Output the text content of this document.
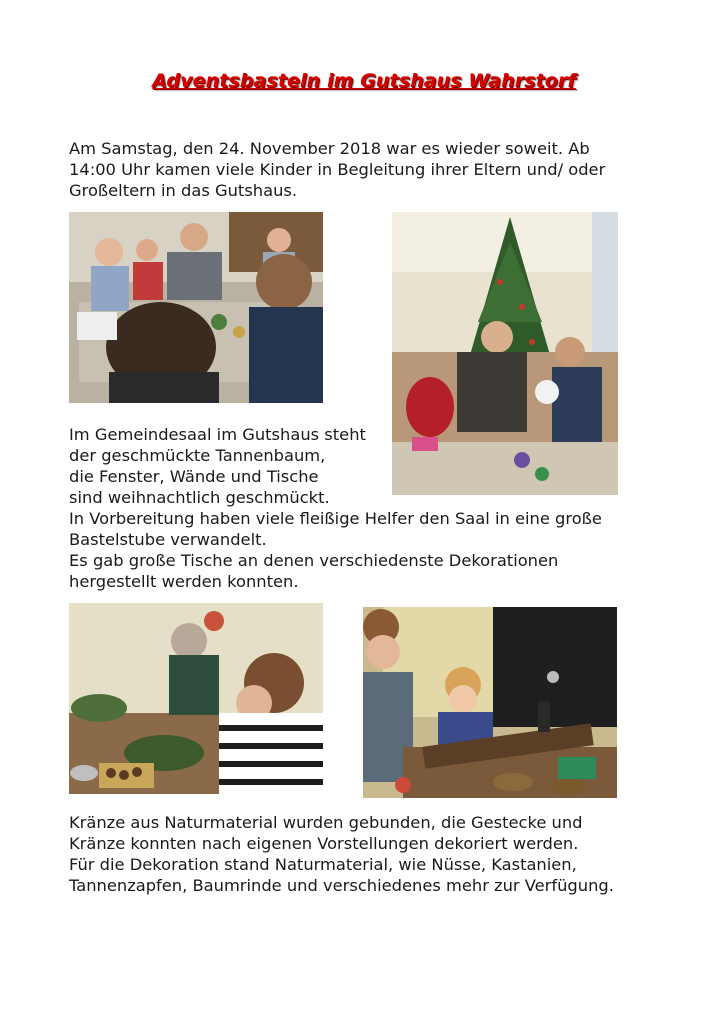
Adventsbasteln im Gutshaus Wahrstorf

Am Samstag, den 24. November 2018 war es wieder soweit. Ab

14:00 Uhr kamen viele Kinder in Begleitung ihrer Eltern und/ oder

Großeltern in das Gutshaus.

Im Gemeindesaal im Gutshaus steht

der geschmückte Tannenbaum,

die Fenster, Wände und Tische

sind weihnachtlich geschmückt.

In Vorbereitung haben viele fleißige Helfer den Saal in eine große

Bastelstube verwandelt.

Es gab große Tische an denen verschiedenste Dekorationen

hergestellt werden konnten.

Kränze aus Naturmaterial wurden gebunden, die Gestecke und

Kränze konnten nach eigenen Vorstellungen dekoriert werden.

Für die Dekoration stand Naturmaterial, wie Nüsse, Kastanien,

Tannenzapfen, Baumrinde und verschiedenes mehr zur Verfügung.
